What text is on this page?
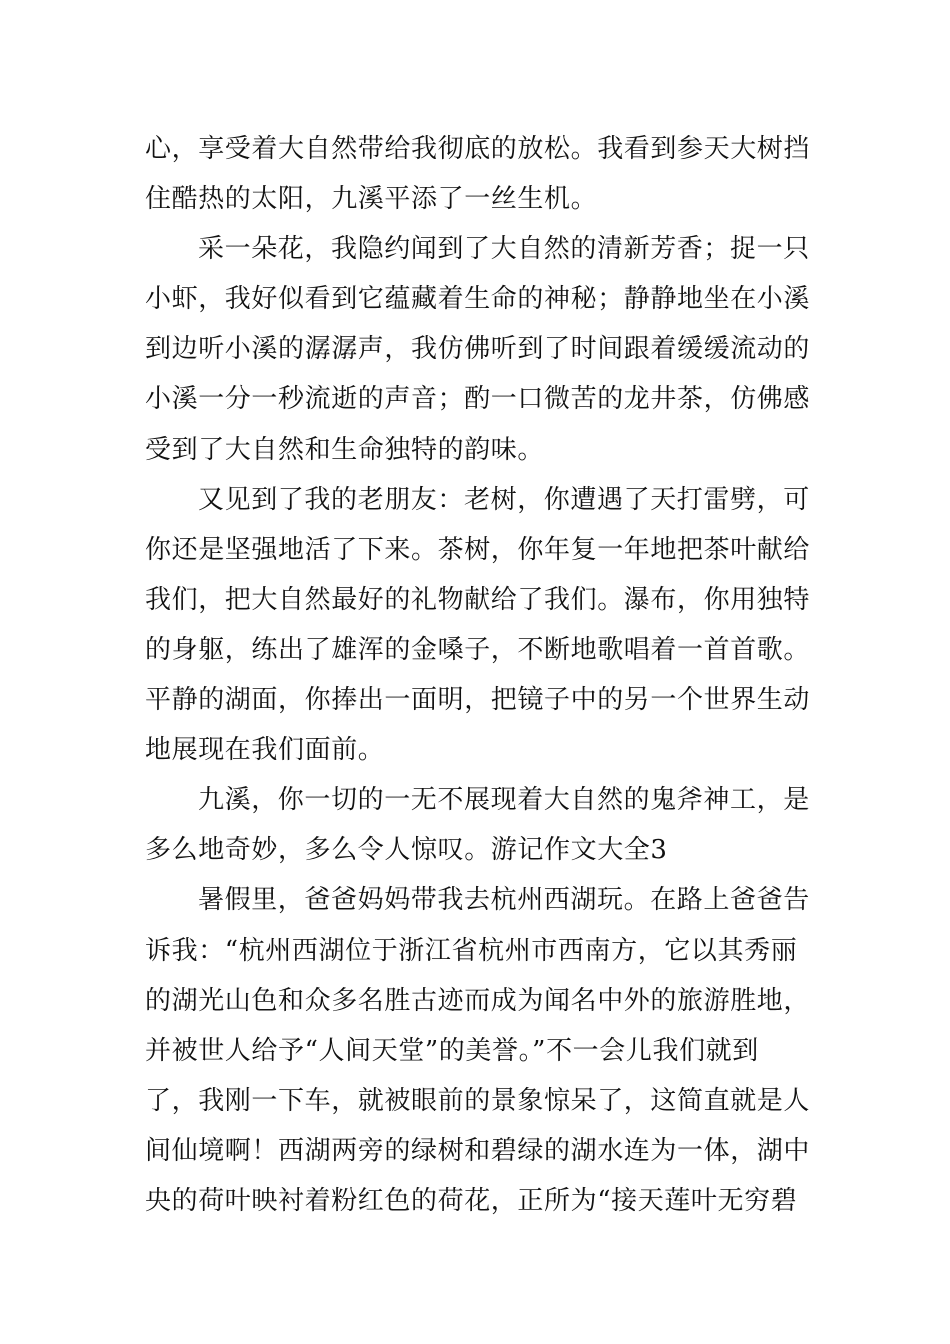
心，享受着大自然带给我彻底的放松。我看到参天大树挡
住酷热的太阳，九溪平添了一丝生机。
采一朵花，我隐约闻到了大自然的清新芳香；捉一只
小虾，我好似看到它蕴藏着生命的神秘；静静地坐在小溪
到边听小溪的潺潺声，我仿佛听到了时间跟着缓缓流动的
小溪一分一秒流逝的声音；酌一口微苦的龙井茶，仿佛感
受到了大自然和生命独特的韵味。
又见到了我的老朋友：老树，你遭遇了天打雷劈，可
你还是坚强地活了下来。茶树，你年复一年地把茶叶献给
我们，把大自然最好的礼物献给了我们。瀑布，你用独特
的身躯，练出了雄浑的金嗓子，不断地歌唱着一首首歌。
平静的湖面，你捧出一面明，把镜子中的另一个世界生动
地展现在我们面前。
九溪，你一切的一无不展现着大自然的鬼斧神工，是
多么地奇妙，多么令人惊叹。游记作文大全3
暑假里，爸爸妈妈带我去杭州西湖玩。在路上爸爸告
诉我：“杭州西湖位于浙江省杭州市西南方，它以其秀丽
的湖光山色和众多名胜古迹而成为闻名中外的旅游胜地，
并被世人给予“人间天堂”的美誉。”不一会儿我们就到
了，我刚一下车，就被眼前的景象惊呆了，这简直就是人
间仙境啊！西湖两旁的绿树和碧绿的湖水连为一体，湖中
央的荷叶映衬着粉红色的荷花，正所为“接天莲叶无穷碧
